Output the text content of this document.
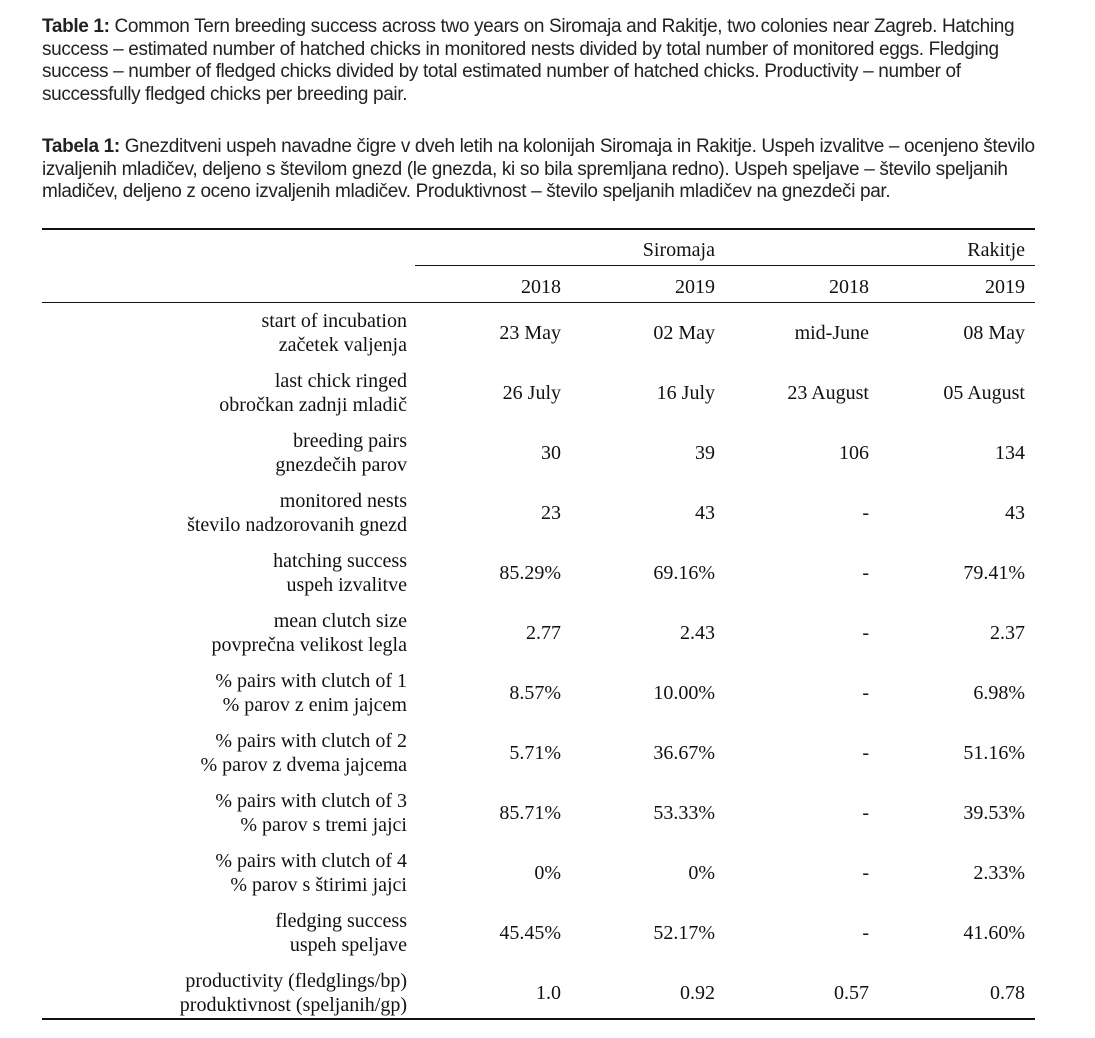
Table 1: Common Tern breeding success across two years on Siromaja and Rakitje, two colonies near Zagreb. Hatching success – estimated number of hatched chicks in monitored nests divided by total number of monitored eggs. Fledging success – number of fledged chicks divided by total estimated number of hatched chicks. Productivity – number of successfully fledged chicks per breeding pair.
Tabela 1: Gnezditveni uspeh navadne čigre v dveh letih na kolonijah Siromaja in Rakitje. Uspeh izvalitve – ocenjeno število izvaljenih mladičev, deljeno s številom gnezd (le gnezda, ki so bila spremljana redno). Uspeh speljave – število speljanih mladičev, deljeno z oceno izvaljenih mladičev. Produktivnost – število speljanih mladičev na gnezdeči par.
Siromaja	Rakitje
2018	2019	2018	2019
start of incubation
začetek valjenja
23 May	02 May	mid-June	08 May
last chick ringed
obročkan zadnji mladič
26 July	16 July	23 August	05 August
breeding pairs
gnezdečih parov
30	39	106	134
monitored nests
število nadzorovanih gnezd
23	43	-	43
hatching success
uspeh izvalitve
85.29%	69.16%	-	79.41%
mean clutch size
povprečna velikost legla
2.77	2.43	-	2.37
% pairs with clutch of 1
% parov z enim jajcem
8.57%	10.00%	-	6.98%
% pairs with clutch of 2
% parov z dvema jajcema
5.71%	36.67%	-	51.16%
% pairs with clutch of 3
% parov s tremi jajci
85.71%	53.33%	-	39.53%
% pairs with clutch of 4
% parov s štirimi jajci
0%	0%	-	2.33%
fledging success
uspeh speljave
45.45%	52.17%	-	41.60%
productivity (fledglings/bp)
produktivnost (speljanih/gp)
1.0	0.92	0.57	0.78
